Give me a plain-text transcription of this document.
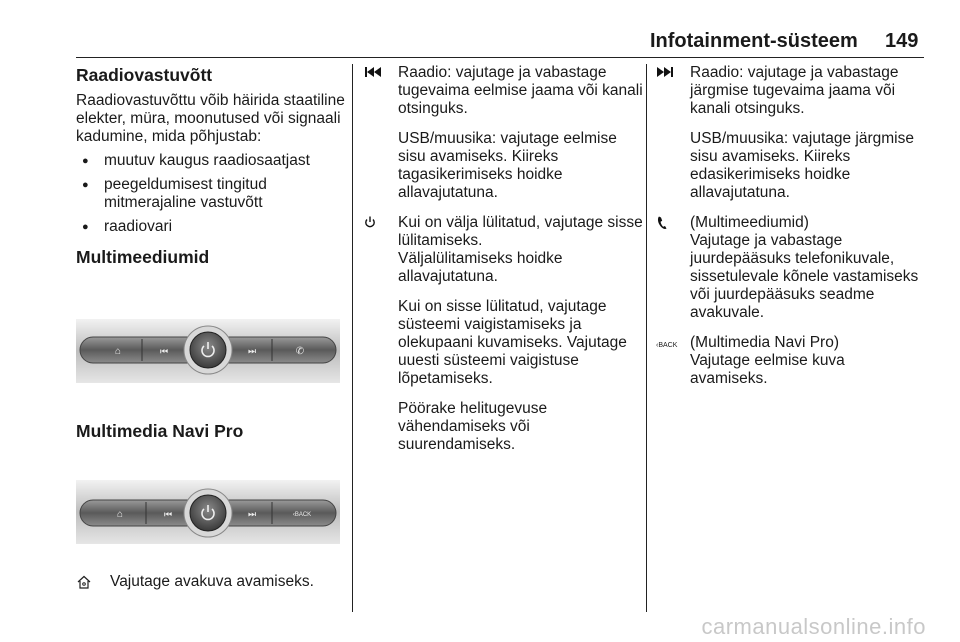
Infotainment-süsteem 149
Raadiovastuvõtt

Raadiovastuvõttu võib häirida staatiline elekter, müra, moonutused või signaali kadumine, mida põhjustab:

● muutuv kaugus raadiosaatjast
● peegeldumisest tingitud mitmerajaline vastuvõtt
● raadiovari
Multimeediumid
⌂	⏮	⏭	✆
Multimedia Navi Pro
⌂	⏮	⏭	‹BACK

Vajutage avakuva avamiseks.

Raadio: vajutage ja vabastage tugevaima eelmise jaama või kanali otsinguks.

USB/muusika: vajutage eelmise sisu avamiseks. Kiireks tagasikerimiseks hoidke allavajutatuna.

Kui on välja lülitatud, vajutage sisse lülitamiseks.

Väljalülitamiseks hoidke allavajutatuna.

Kui on sisse lülitatud, vajutage süsteemi vaigistamiseks ja olekupaani kuvamiseks. Vajutage uuesti süsteemi vaigistuse lõpetamiseks.

Pöörake helitugevuse vähendamiseks või suurendamiseks.

Raadio: vajutage ja vabastage järgmise tugevaima jaama või kanali otsinguks.

USB/muusika: vajutage järgmise sisu avamiseks. Kiireks edasikerimiseks hoidke allavajutatuna.

(Multimeediumid)

Vajutage ja vabastage juurdepääsuks telefonikuvale, sissetulevale kõnele vastamiseks või juurdepääsuks seadme avakuvale.

‹BACK (Multimedia Navi Pro)

Vajutage eelmise kuva avamiseks.

carmanualsonline.info
